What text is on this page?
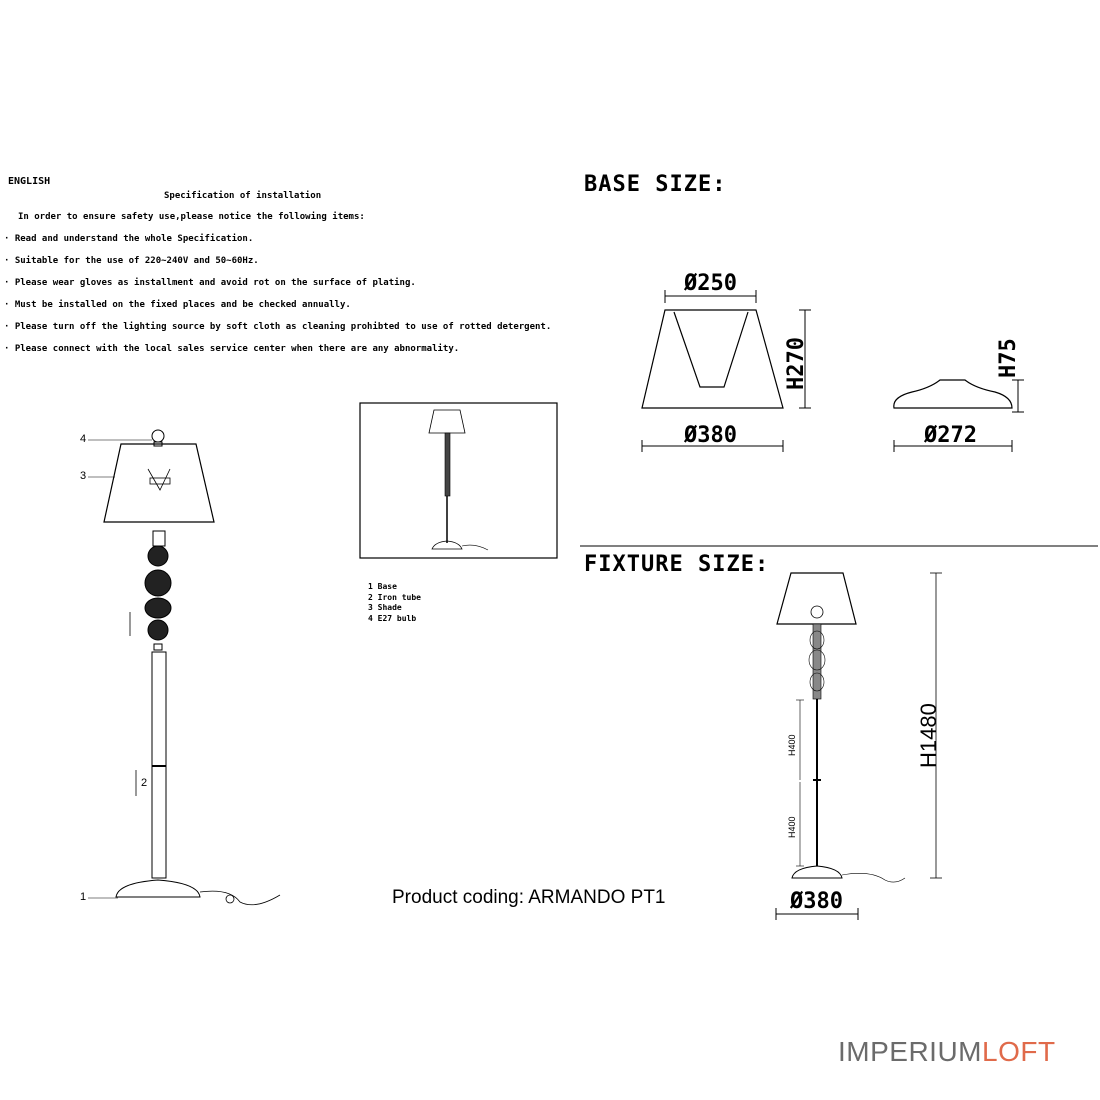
ENGLISH
Specification of installation
In order to ensure safety use,please notice the following items:
· Read and understand the whole Specification.
· Suitable for the use of 220~240V and 50~60Hz.
· Please wear gloves as installment and avoid rot on the surface of plating.
· Must be installed on the fixed places and be checked annually.
· Please turn off the lighting source by soft cloth as cleaning prohibted to use of rotted detergent.
· Please connect with the local sales service center when there are any abnormality.
4
3
2
1
1 Base
2 Iron tube
3 Shade
4 E27 bulb
BASE SIZE:
Ø250
Ø380
H270
Ø272
H75
FIXTURE SIZE:
H1480
H400
H400
Ø380
Product coding: ARMANDO PT1
IMPERIUMLOFT
